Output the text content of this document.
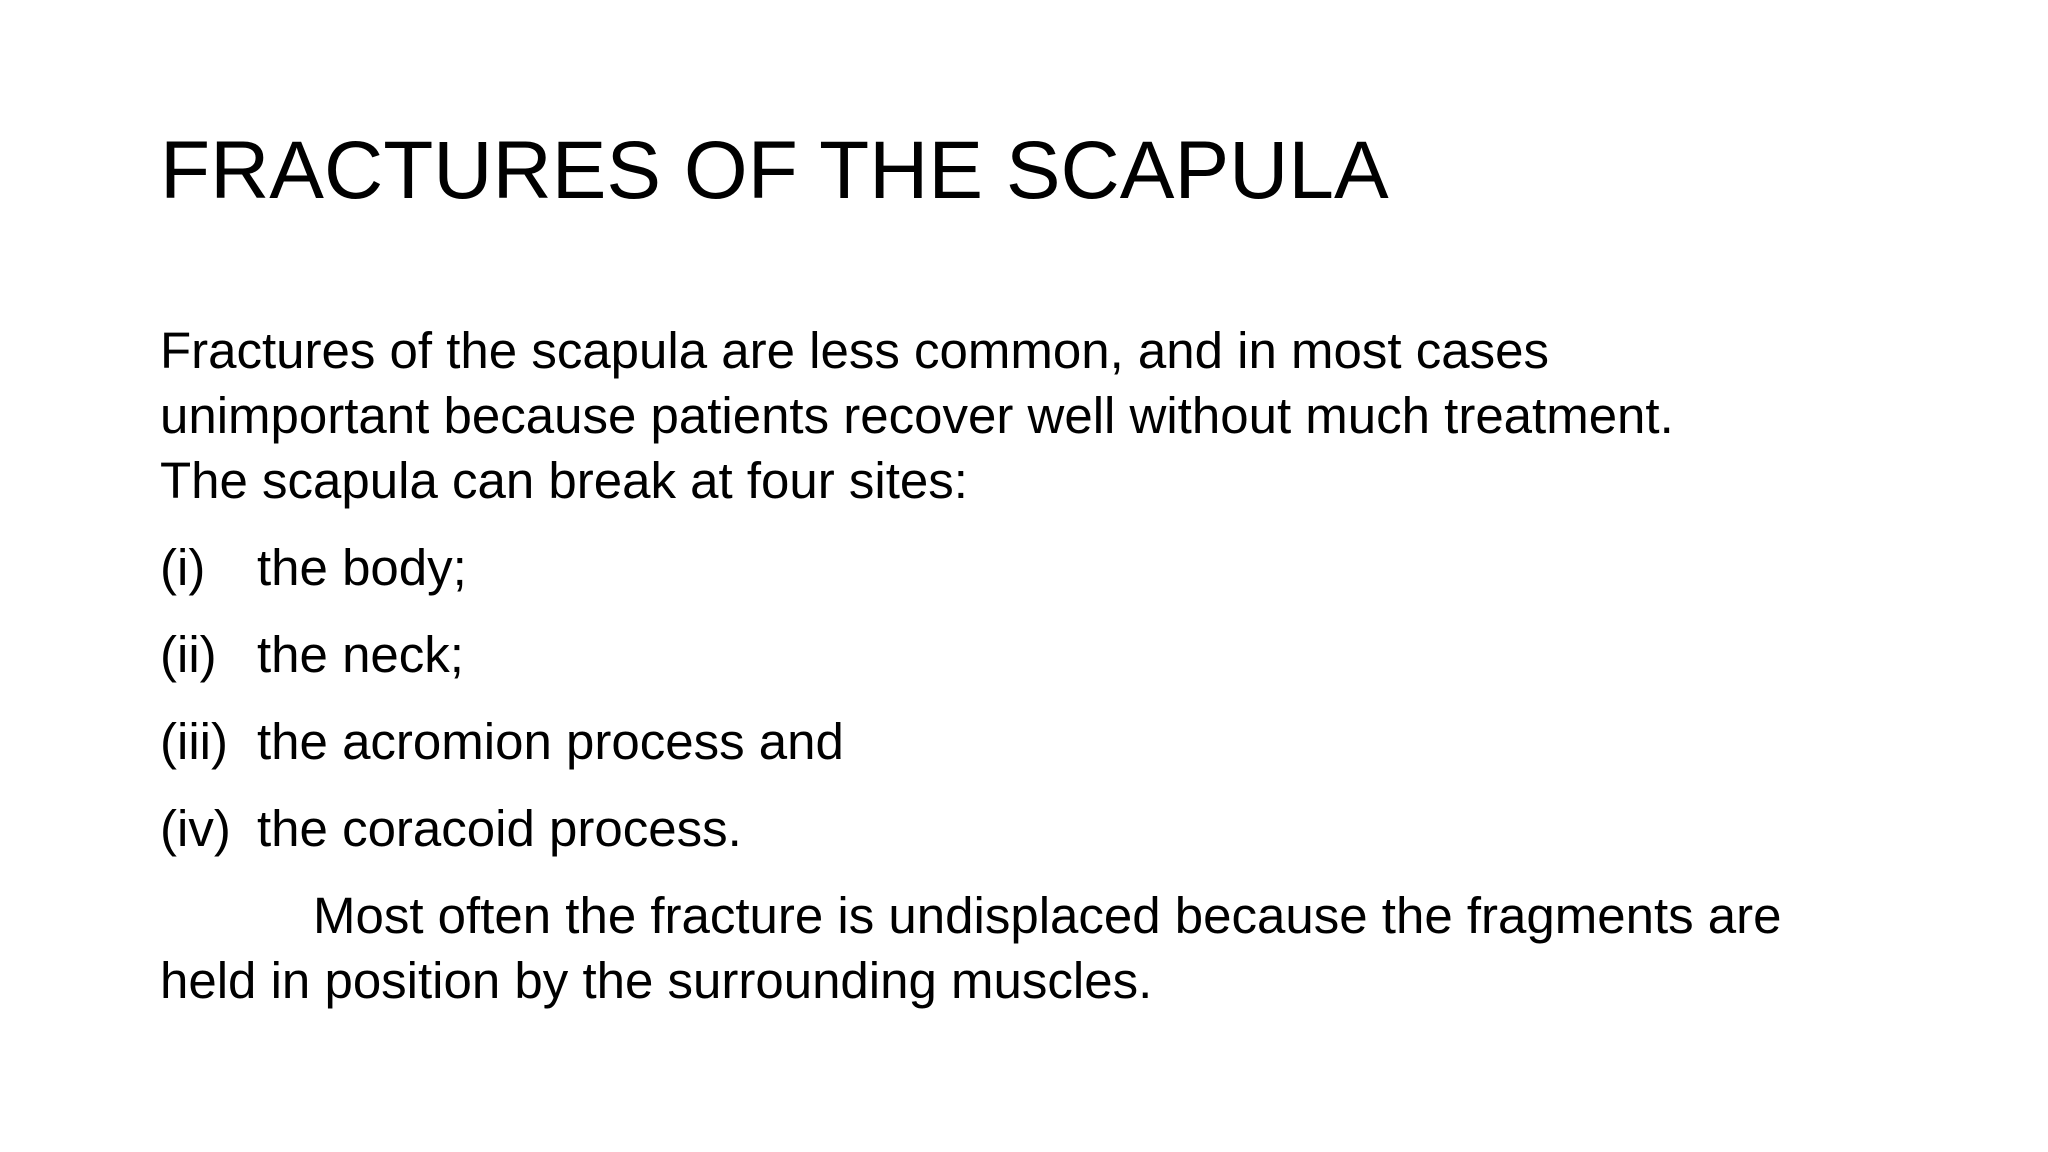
FRACTURES OF THE SCAPULA

Fractures of the scapula are less common, and in most cases

unimportant because patients recover well without much treatment.

The scapula can break at four sites:

(i)	the body;
(ii) the neck;
(iii) the acromion process and
(iv) the coracoid process.

Most often the fracture is undisplaced because the fragments are

held in position by the surrounding muscles.
